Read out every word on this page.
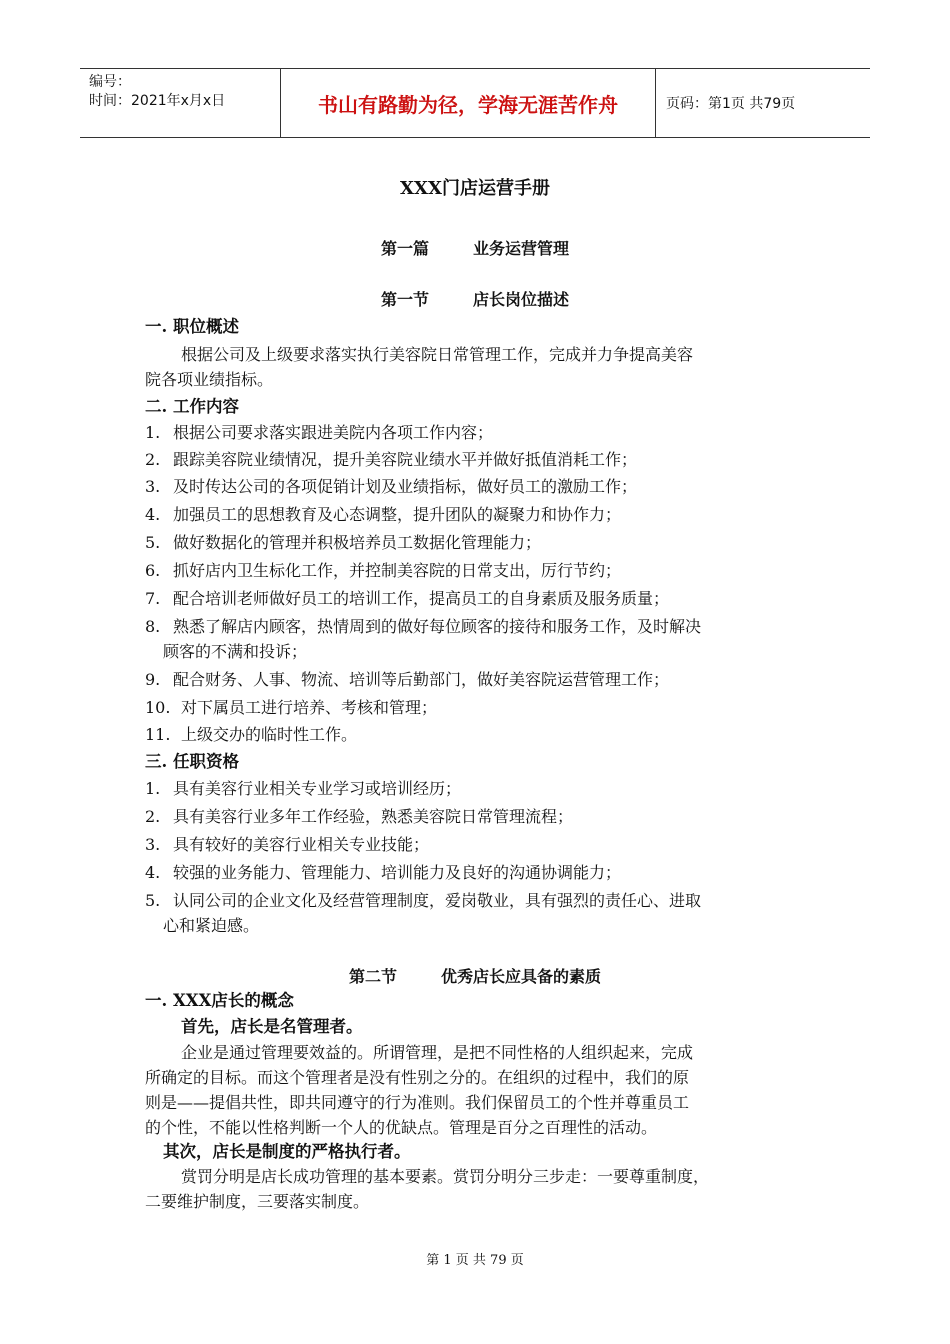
编号：
时间：2021年x月x日	书山有路勤为径，学海无涯苦作舟	页码：第1页 共79页
XXX门店运营手册
第一篇	业务运营管理
第一节	店长岗位描述
一. 职位概述
根据公司及上级要求落实执行美容院日常管理工作，完成并力争提高美容
院各项业绩指标。
二. 工作内容
1. 根据公司要求落实跟进美院内各项工作内容；
2. 跟踪美容院业绩情况，提升美容院业绩水平并做好抵值消耗工作；
3. 及时传达公司的各项促销计划及业绩指标，做好员工的激励工作；
4. 加强员工的思想教育及心态调整，提升团队的凝聚力和协作力；
5. 做好数据化的管理并积极培养员工数据化管理能力；
6. 抓好店内卫生标化工作，并控制美容院的日常支出，厉行节约；
7. 配合培训老师做好员工的培训工作，提高员工的自身素质及服务质量；
8. 熟悉了解店内顾客，热情周到的做好每位顾客的接待和服务工作，及时解决
顾客的不满和投诉；
9. 配合财务、人事、物流、培训等后勤部门，做好美容院运营管理工作；
10. 对下属员工进行培养、考核和管理；
11. 上级交办的临时性工作。
三. 任职资格
1. 具有美容行业相关专业学习或培训经历；
2. 具有美容行业多年工作经验，熟悉美容院日常管理流程；
3. 具有较好的美容行业相关专业技能；
4. 较强的业务能力、管理能力、培训能力及良好的沟通协调能力；
5. 认同公司的企业文化及经营管理制度，爱岗敬业，具有强烈的责任心、进取
心和紧迫感。
第二节	优秀店长应具备的素质
一. XXX店长的概念
首先，店长是名管理者。
企业是通过管理要效益的。所谓管理，是把不同性格的人组织起来，完成
所确定的目标。而这个管理者是没有性别之分的。在组织的过程中，我们的原
则是——提倡共性，即共同遵守的行为准则。我们保留员工的个性并尊重员工
的个性，不能以性格判断一个人的优缺点。管理是百分之百理性的活动。
其次，店长是制度的严格执行者。
赏罚分明是店长成功管理的基本要素。赏罚分明分三步走：一要尊重制度，
二要维护制度，三要落实制度。
第 1 页 共 79 页
